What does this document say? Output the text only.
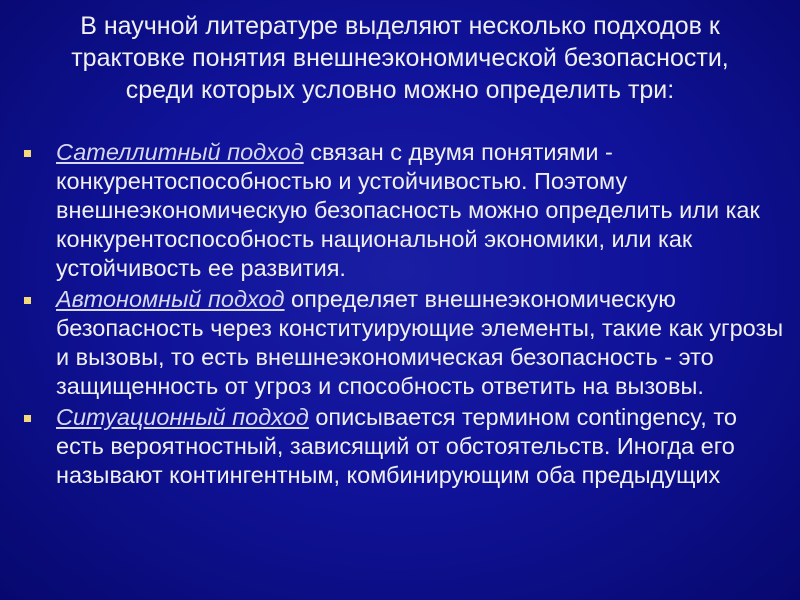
В научной литературе выделяют несколько подходов к трактовке понятия внешнеэкономической безопасности, среди которых условно можно определить три:
Сателлитный подход связан с двумя понятиями - конкурентоспособностью и устойчивостью. Поэтому внешнеэкономическую безопасность можно определить или как конкурентоспособность национальной экономики, или как устойчивость ее развития.
Автономный подход определяет внешнеэкономическую безопасность через конституирующие элементы, такие как угрозы и вызовы, то есть внешнеэкономическая безопасность - это защищенность от угроз и способность ответить на вызовы.
Ситуационный подход описывается термином contingency, то есть вероятностный, зависящий от обстоятельств. Иногда его называют контингентным, комбинирующим оба предыдущих
